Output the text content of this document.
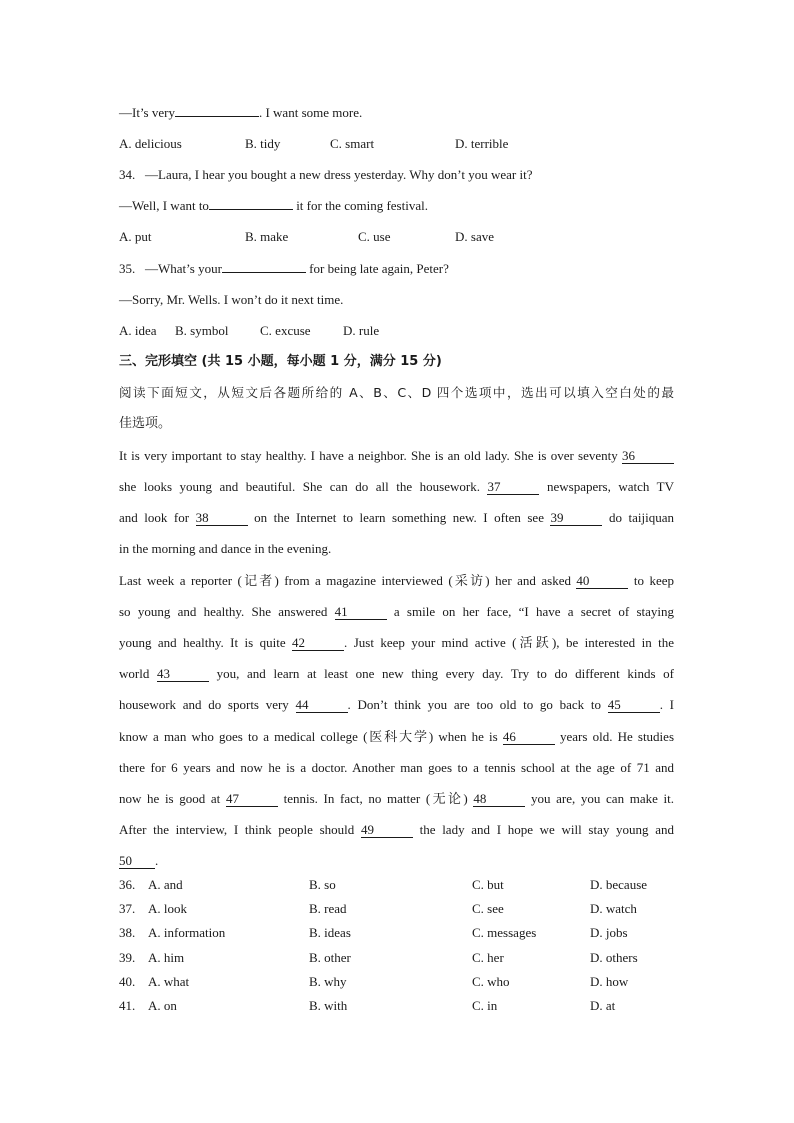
—It’s very	. I want some more.
A. delicious	B. tidy	C. smart	D. terrible
34. —Laura, I hear you bought a new dress yesterday. Why don’t you wear it?
—Well, I want to	it for the coming festival.
A. put	B. make	C. use	D. save
35. —What’s your	for being late again, Peter?
—Sorry, Mr. Wells. I won’t do it next time.
A. idea B. symbol C. excuse D. rule
三、完形填空 (共 15 小题，每小题 1 分，满分 15 分)
阅读下面短文，从短文后各题所给的 A、B、C、D 四个选项中，选出可以填入空白处的最
佳选项。
It is very important to stay healthy. I have a neighbor. She is an old lady. She is over seventy 36
she looks young and beautiful. She can do all the housework. 37	newspapers, watch TV
and look for 38	on the Internet to learn something new. I often see 39	do taijiquan
in the morning and dance in the evening.
Last week a reporter (记者) from a magazine interviewed (采访) her and asked 40	to keep
so young and healthy. She answered 41	a smile on her face, “I have a secret of staying
young and healthy. It is quite 42	. Just keep your mind active (活跃), be interested in the
world 43	you, and learn at least one new thing every day. Try to do different kinds of
housework and do sports very 44	. Don’t think you are too old to go back to 45	. I
know a man who goes to a medical college (医科大学) when he is 46	years old. He studies
there for 6 years and now he is a doctor. Another man goes to a tennis school at the age of 71 and
now he is good at 47	tennis. In fact, no matter (无论) 48	you are, you can make it.
After the interview, I think people should 49	the lady and I hope we will stay young and
50 .
36. A. and	B. so	C. but	D. because
37. A. look	B. read	C. see	D. watch
38. A. information	B. ideas	C. messages	D. jobs
39. A. him	B. other	C. her	D. others
40. A. what	B. why	C. who	D. how
41. A. on	B. with	C. in	D. at
